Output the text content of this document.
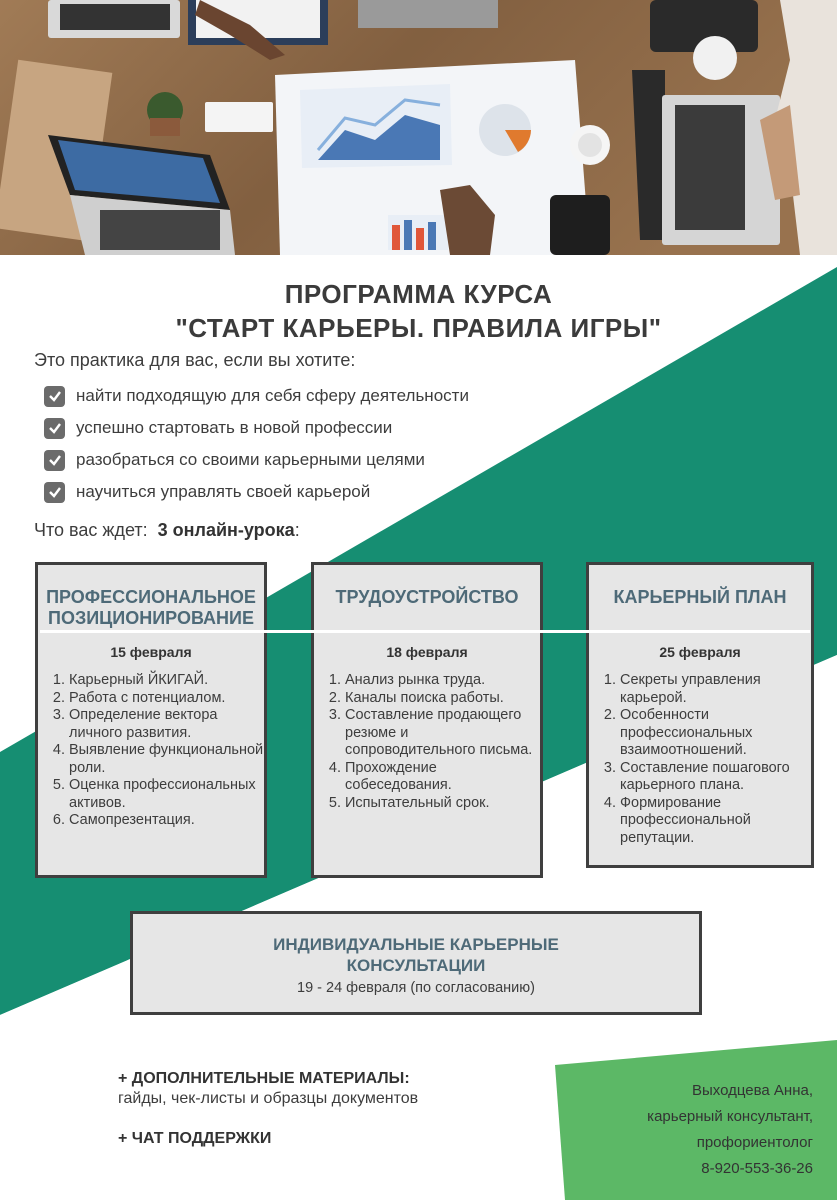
ПРОГРАММА КУРСА
"СТАРТ КАРЬЕРЫ. ПРАВИЛА ИГРЫ"
Это практика для вас, если вы хотите:
найти подходящую для себя сферу деятельности
успешно стартовать в новой профессии
разобраться со своими карьерными целями
научиться управлять своей карьерой
Что вас ждет: 3 онлайн-урока:
ПРОФЕССИОНАЛЬНОЕ
ПОЗИЦИОНИРОВАНИЕ
15 февраля
1. Карьерный ЙКИГАЙ.
2. Работа с потенциалом.
3. Определение вектора личного развития.
4. Выявление функциональной роли.
5. Оценка профессиональных активов.
6. Самопрезентация.
ТРУДОУСТРОЙСТВО
18 февраля
1. Анализ рынка труда.
2. Каналы поиска работы.
3. Составление продающего резюме и сопроводительного письма.
4. Прохождение собеседования.
5. Испытательный срок.
КАРЬЕРНЫЙ ПЛАН
25 февраля
1. Секреты управления карьерой.
2. Особенности профессиональных взаимоотношений.
3. Составление пошагового карьерного плана.
4. Формирование профессиональной репутации.
ИНДИВИДУАЛЬНЫЕ КАРЬЕРНЫЕ
КОНСУЛЬТАЦИИ
19 - 24 февраля (по согласованию)
+ ДОПОЛНИТЕЛЬНЫЕ МАТЕРИАЛЫ:
гайды, чек-листы и образцы документов
+ ЧАТ ПОДДЕРЖКИ
Выходцева Анна,
карьерный консультант,
профориентолог
8-920-553-36-26
